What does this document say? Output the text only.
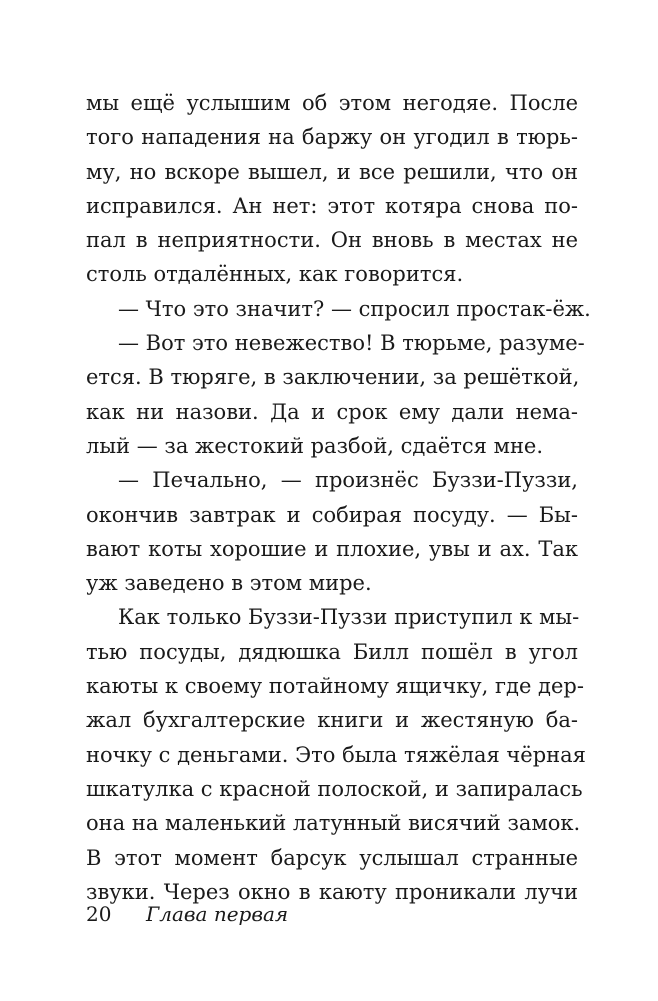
мы ещё услышим об этом негодяе. После
того нападения на баржу он угодил в тюрь-
му, но вскоре вышел, и все решили, что он
исправился. Ан нет: этот котяра снова по-
пал в неприятности. Он вновь в местах не
столь отдалённых, как говорится.
— Что это значит? — спросил простак-ёж.
— Вот это невежество! В тюрьме, разуме-
ется. В тюряге, в заключении, за решёткой,
как ни назови. Да и срок ему дали нема-
лый — за жестокий разбой, сдаётся мне.
— Печально, — произнёс Буззи-Пуззи,
окончив завтрак и собирая посуду. — Бы-
вают коты хорошие и плохие, увы и ах. Так
уж заведено в этом мире.
Как только Буззи-Пуззи приступил к мы-
тью посуды, дядюшка Билл пошёл в угол
каюты к своему потайному ящичку, где дер-
жал бухгалтерские книги и жестяную ба-
ночку с деньгами. Это была тяжёлая чёрная
шкатулка с красной полоской, и запиралась
она на маленький латунный висячий замок.
В этот момент барсук услышал странные
звуки. Через окно в каюту проникали лучи
20 Глава первая
